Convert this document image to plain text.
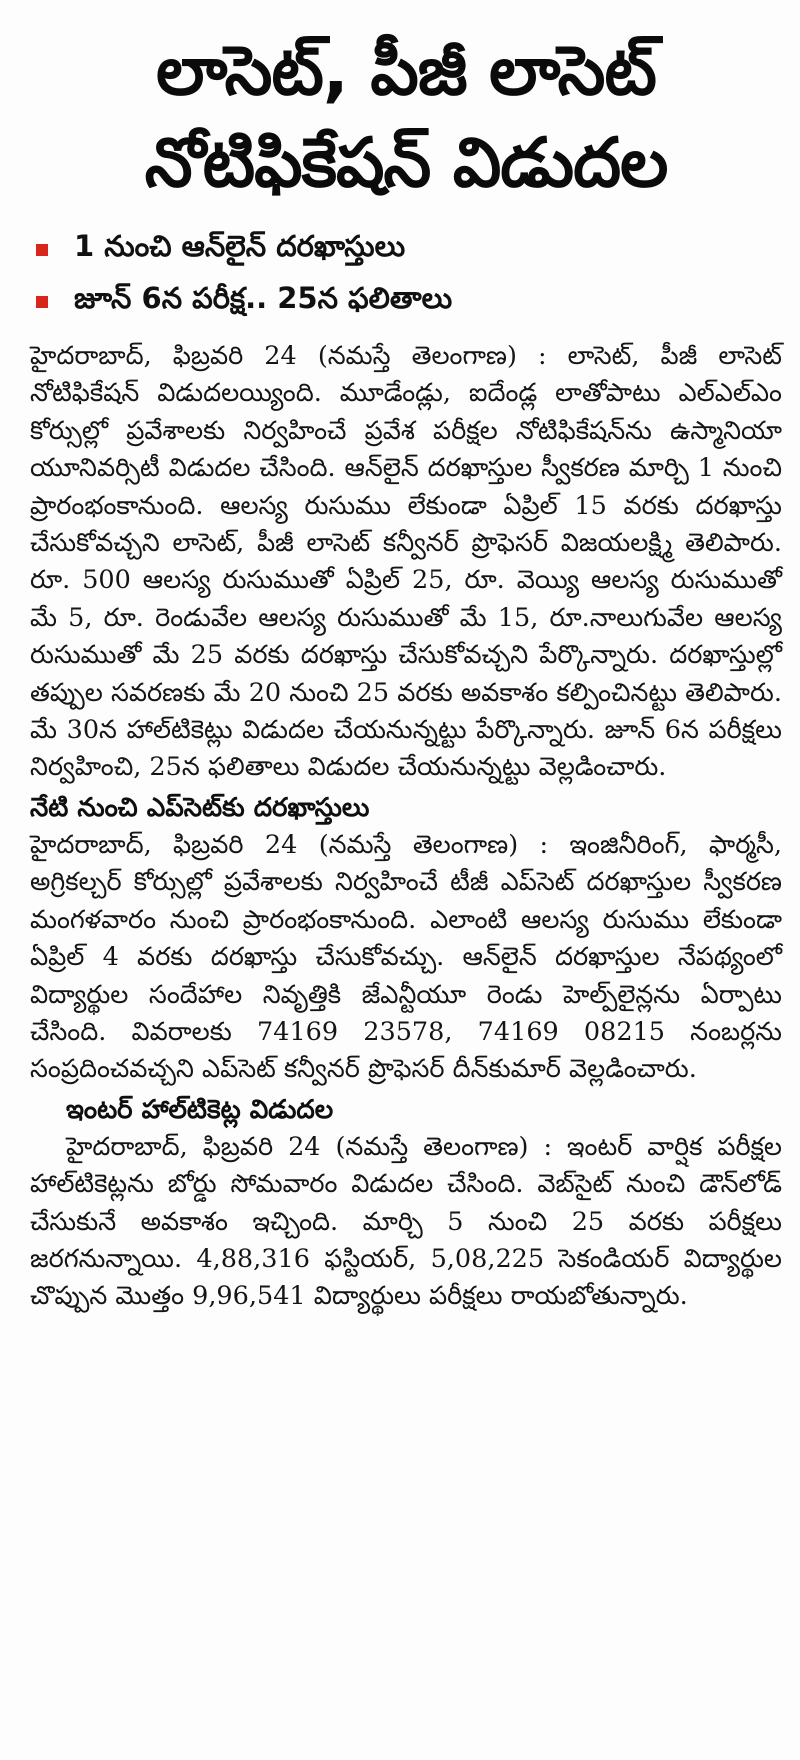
లాసెట్, పీజీ లాసెట్
నోటిఫికేషన్ విడుదల
1 నుంచి ఆన్‌లైన్ దరఖాస్తులు
జూన్ 6న పరీక్ష.. 25న ఫలితాలు

హైదరాబాద్, ఫిబ్రవరి 24 (నమస్తే తెలంగాణ) : లాసెట్, పీజీ లాసెట్ నోటిఫికేషన్ విడుదలయ్యింది. మూడేండ్లు, ఐదేండ్ల లాతోపాటు ఎల్ఎల్ఎం కోర్సుల్లో ప్రవేశాలకు నిర్వహించే ప్రవేశ పరీక్షల నోటిఫికేషన్‌ను ఉస్మానియా యూనివర్సిటీ విడుదల చేసింది. ఆన్‌లైన్ దరఖాస్తుల స్వీకరణ మార్చి 1 నుంచి ప్రారంభంకానుంది. ఆలస్య రుసుము లేకుండా ఏప్రిల్ 15 వరకు దరఖాస్తు చేసుకోవచ్చని లాసెట్, పీజీ లాసెట్ కన్వీనర్ ప్రొఫెసర్ విజయలక్ష్మి తెలిపారు. రూ. 500 ఆలస్య రుసుముతో ఏప్రిల్ 25, రూ. వెయ్యి ఆలస్య రుసుముతో మే 5, రూ. రెండువేల ఆలస్య రుసుముతో మే 15, రూ.నాలుగువేల ఆలస్య రుసుముతో మే 25 వరకు దరఖాస్తు చేసుకోవచ్చని పేర్కొన్నారు. దరఖాస్తుల్లో తప్పుల సవరణకు మే 20 నుంచి 25 వరకు అవకాశం కల్పించినట్టు తెలిపారు. మే 30న హాల్‌టికెట్లు విడుదల చేయనున్నట్టు పేర్కొన్నారు. జూన్ 6న పరీక్షలు నిర్వహించి, 25న ఫలితాలు విడుదల చేయనున్నట్టు వెల్లడించారు.

నేటి నుంచి ఎప్‌సెట్‌కు దరఖాస్తులు

హైదరాబాద్, ఫిబ్రవరి 24 (నమస్తే తెలంగాణ) : ఇంజినీరింగ్, ఫార్మసీ, అగ్రికల్చర్ కోర్సుల్లో ప్రవేశాలకు నిర్వహించే టీజీ ఎప్‌సెట్ దరఖాస్తుల స్వీకరణ మంగళవారం నుంచి ప్రారంభంకానుంది. ఎలాంటి ఆలస్య రుసుము లేకుండా ఏప్రిల్ 4 వరకు దరఖాస్తు చేసుకోవచ్చు. ఆన్‌లైన్ దరఖాస్తుల నేపథ్యంలో విద్యార్థుల సందేహాల నివృత్తికి జేఎన్టీయూ రెండు హెల్ప్‌లైన్లను ఏర్పాటు చేసింది. వివరాలకు 74169 23578, 74169 08215 నంబర్లను సంప్రదించవచ్చని ఎప్‌సెట్ కన్వీనర్ ప్రొఫెసర్ దీన్‌కుమార్ వెల్లడించారు.

ఇంటర్ హాల్‌టికెట్ల విడుదల

హైదరాబాద్, ఫిబ్రవరి 24 (నమస్తే తెలంగాణ) : ఇంటర్ వార్షిక పరీక్షల హాల్‌టికెట్లను బోర్డు సోమవారం విడుదల చేసింది. వెబ్‌సైట్ నుంచి డౌన్‌లోడ్ చేసుకునే అవకాశం ఇచ్చింది. మార్చి 5 నుంచి 25 వరకు పరీక్షలు జరగనున్నాయి. 4,88,316 ఫస్టియర్, 5,08,225 సెకండియర్ విద్యార్థుల చొప్పున మొత్తం 9,96,541 విద్యార్థులు పరీక్షలు రాయబోతున్నారు.
